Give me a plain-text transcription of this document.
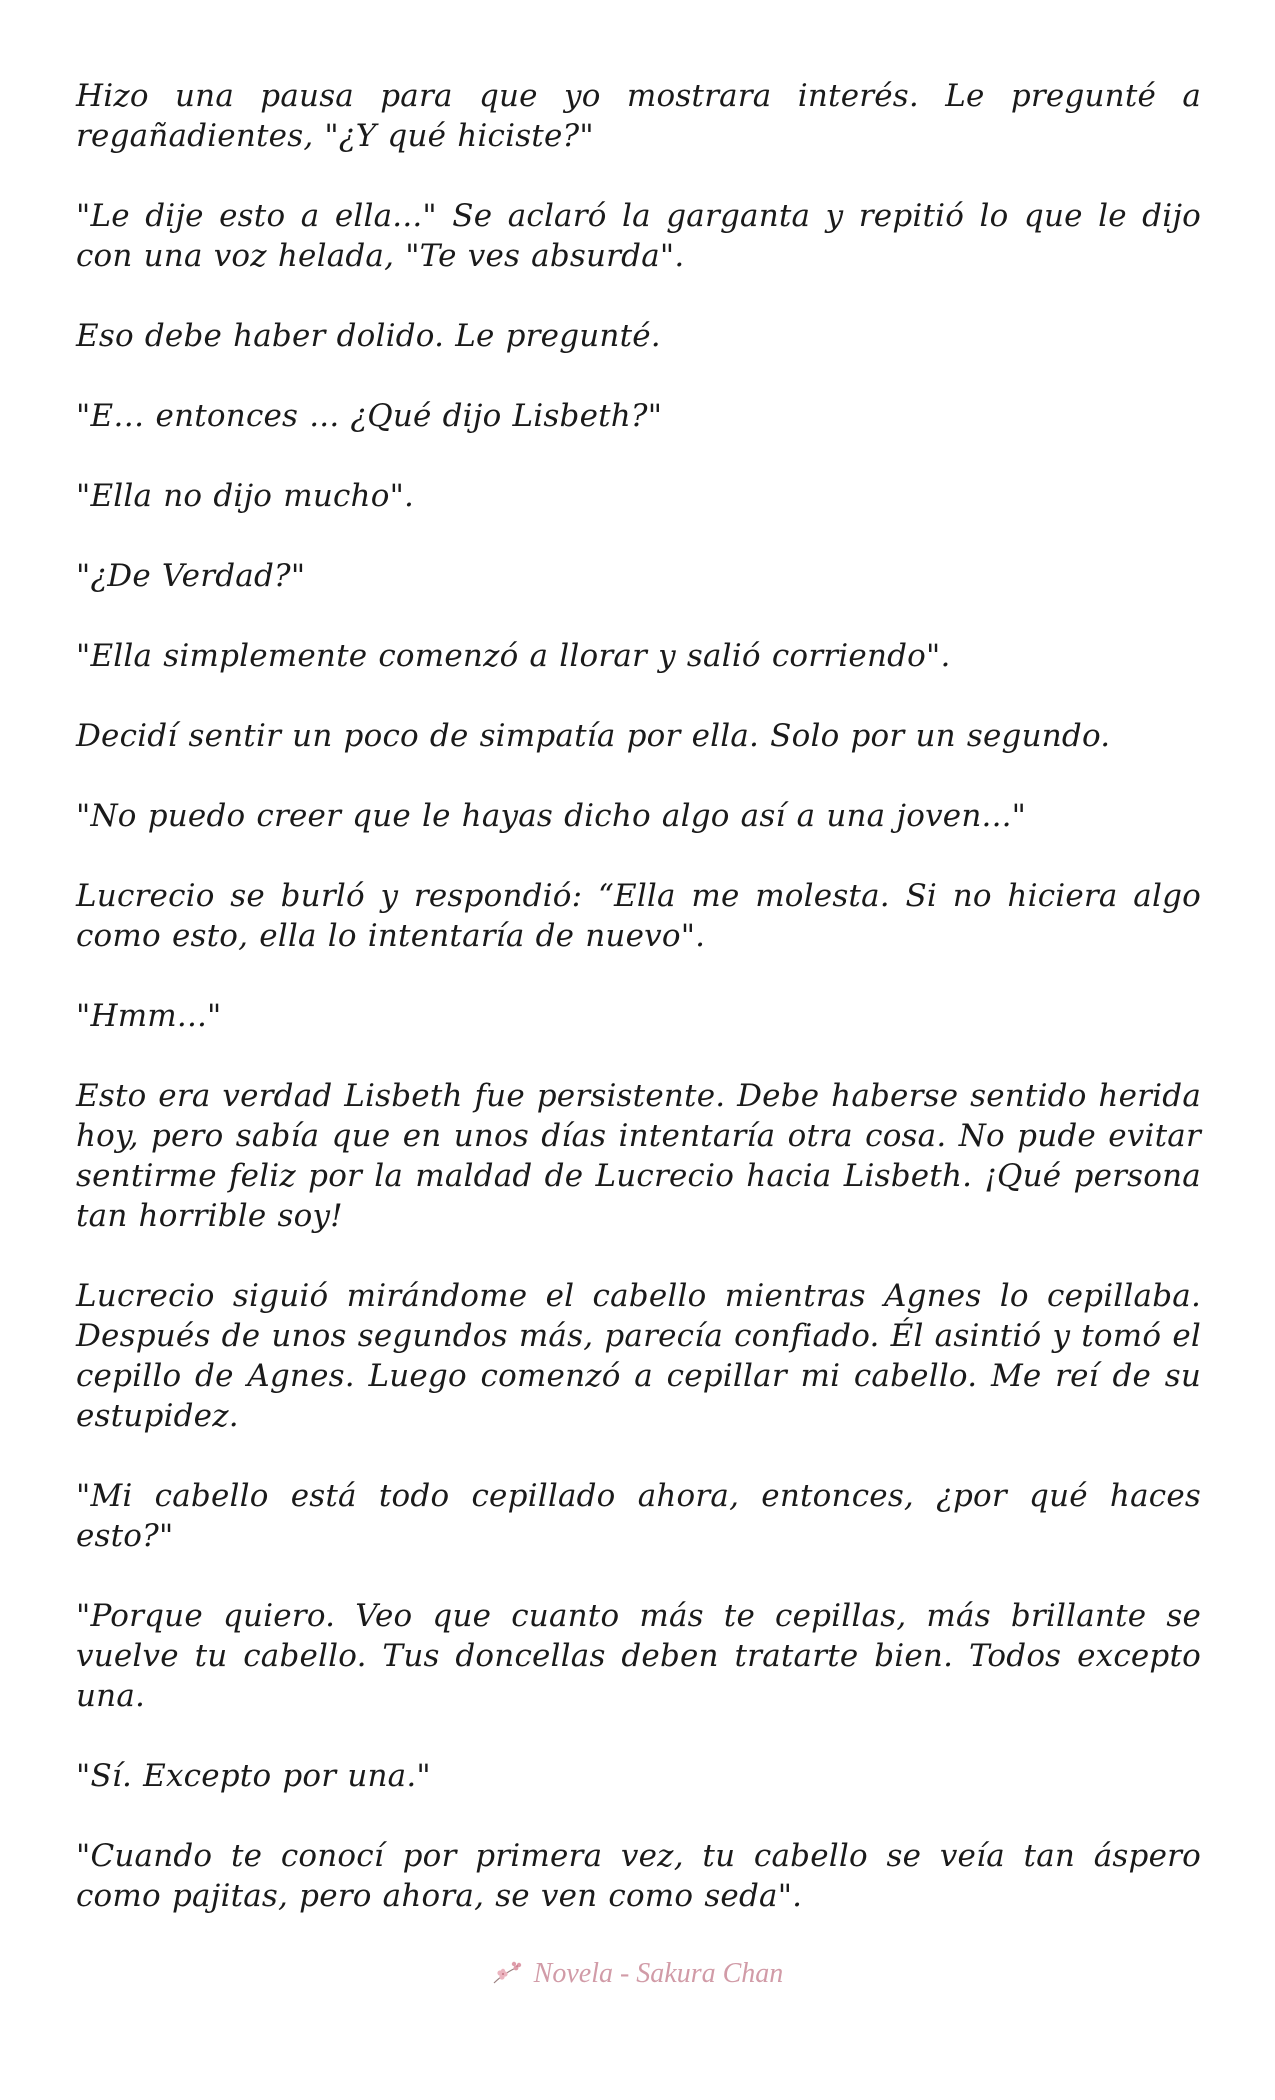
Hizo una pausa para que yo mostrara interés. Le pregunté a regañadientes, "¿Y qué hiciste?"

"Le dije esto a ella..." Se aclaró la garganta y repitió lo que le dijo con una voz helada, "Te ves absurda".

Eso debe haber dolido. Le pregunté.

"E… entonces ... ¿Qué dijo Lisbeth?"

"Ella no dijo mucho".

"¿De Verdad?"

"Ella simplemente comenzó a llorar y salió corriendo".

Decidí sentir un poco de simpatía por ella. Solo por un segundo.

"No puedo creer que le hayas dicho algo así a una joven..."

Lucrecio se burló y respondió: “Ella me molesta. Si no hiciera algo como esto, ella lo intentaría de nuevo".

"Hmm..."

Esto era verdad Lisbeth fue persistente. Debe haberse sentido herida hoy, pero sabía que en unos días intentaría otra cosa. No pude evitar sentirme feliz por la maldad de Lucrecio hacia Lisbeth. ¡Qué persona tan horrible soy!

Lucrecio siguió mirándome el cabello mientras Agnes lo cepillaba. Después de unos segundos más, parecía confiado. Él asintió y tomó el cepillo de Agnes. Luego comenzó a cepillar mi cabello. Me reí de su estupidez.

"Mi cabello está todo cepillado ahora, entonces, ¿por qué haces esto?"

"Porque quiero. Veo que cuanto más te cepillas, más brillante se vuelve tu cabello. Tus doncellas deben tratarte bien. Todos excepto una.

"Sí. Excepto por una."

"Cuando te conocí por primera vez, tu cabello se veía tan áspero como pajitas, pero ahora, se ven como seda".

Novela - Sakura Chan
